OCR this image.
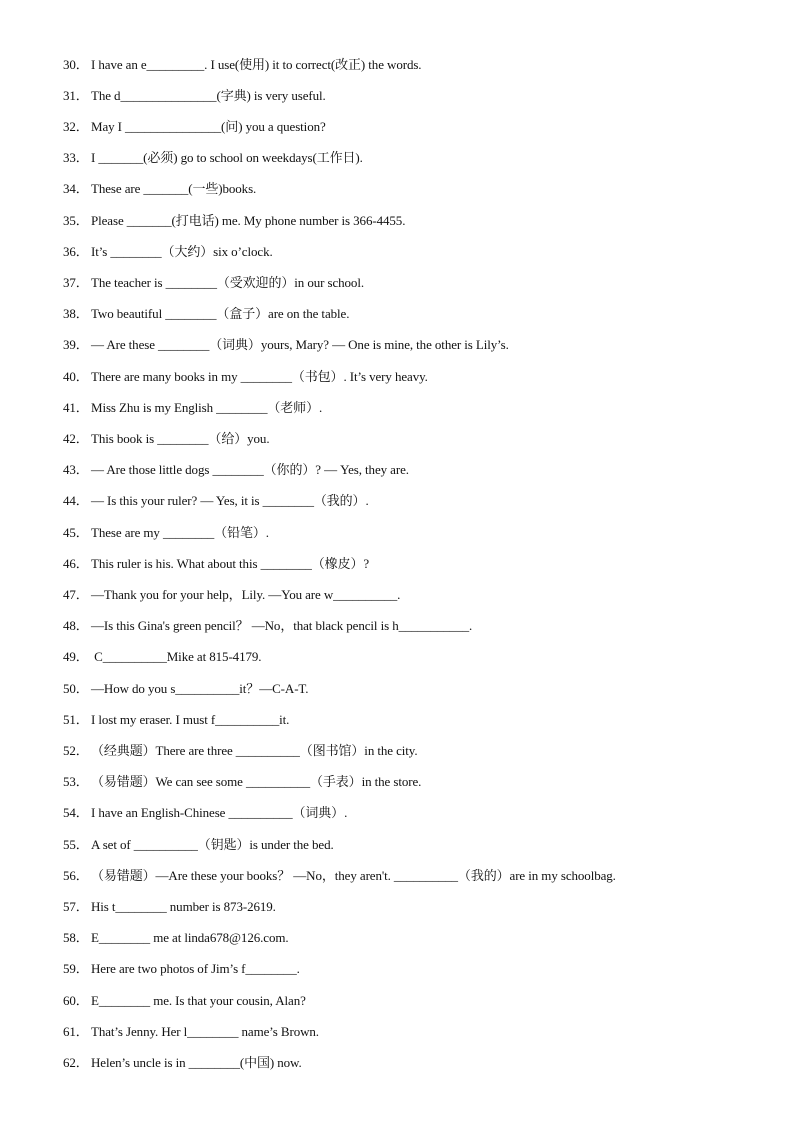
30． I have an e_________. I use(使用) it to correct(改正) the words.
31． The d_______________(字典) is very useful.
32． May I _______________(问) you a question?
33． I _______(必须) go to school on weekdays(工作日).
34． These are _______(一些)books.
35． Please _______(打电话) me. My phone number is 366-4455.
36． It’s ________（大约）six o’clock.
37． The teacher is ________（受欢迎的）in our school.
38． Two beautiful ________（盒子）are on the table.
39． — Are these ________（词典）yours, Mary? — One is mine, the other is Lily’s.
40． There are many books in my ________（书包）. It’s very heavy.
41． Miss Zhu is my English ________（老师）.
42． This book is ________（给）you.
43． — Are those little dogs ________（你的）? — Yes, they are.
44． — Is this your ruler? — Yes, it is ________（我的）.
45． These are my ________（铅笔）.
46． This ruler is his. What about this ________（橡皮）?
47． —Thank you for your help，Lily. —You are w__________.
48． —Is this Gina's green pencil？ —No，that black pencil is h___________.
49． C__________Mike at 815-4179.
50． —How do you s__________it？—C-A-T.
51． I lost my eraser. I must f__________it.
52． （经典题）There are three __________（图书馆）in the city.
53． （易错题）We can see some __________（手表）in the store.
54． I have an English-Chinese __________（词典）.
55． A set of __________（钥匙）is under the bed.
56． （易错题）—Are these your books？ —No，they aren't. __________（我的）are in my schoolbag.
57． His t________ number is 873-2619.
58． E________ me at linda678@126.com.
59． Here are two photos of Jim’s f________.
60． E________ me. Is that your cousin, Alan?
61． That’s Jenny. Her l________ name’s Brown.
62． Helen’s uncle is in ________(中国) now.
